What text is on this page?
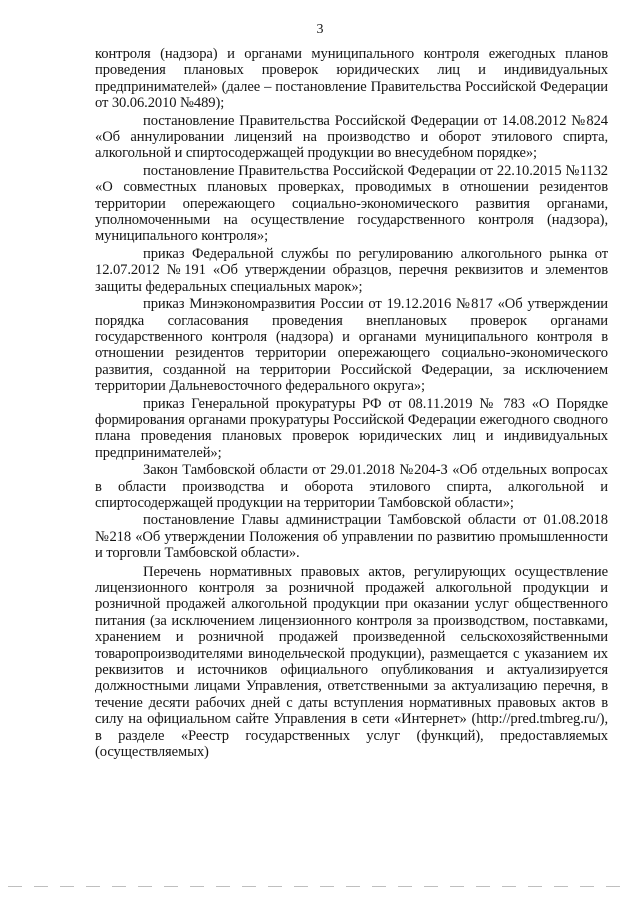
3

контроля (надзора) и органами муниципального контроля ежегодных планов проведения плановых проверок юридических лиц и индивидуальных предпринимателей» (далее – постановление Правительства Российской Федерации от 30.06.2010 №489);

постановление Правительства Российской Федерации от 14.08.2012 №824 «Об аннулировании лицензий на производство и оборот этилового спирта, алкогольной и спиртосодержащей продукции во внесудебном порядке»;

постановление Правительства Российской Федерации от 22.10.2015 №1132 «О совместных плановых проверках, проводимых в отношении резидентов территории опережающего социально-экономического развития органами, уполномоченными на осуществление государственного контроля (надзора), муниципального контроля»;

приказ Федеральной службы по регулированию алкогольного рынка от 12.07.2012 №191 «Об утверждении образцов, перечня реквизитов и элементов защиты федеральных специальных марок»;

приказ Минэкономразвития России от 19.12.2016 №817 «Об утверждении порядка согласования проведения внеплановых проверок органами государственного контроля (надзора) и органами муниципального контроля в отношении резидентов территории опережающего социально-экономического развития, созданной на территории Российской Федерации, за исключением территории Дальневосточного федерального округа»;

приказ Генеральной прокуратуры РФ от 08.11.2019 № 783 «О Порядке формирования органами прокуратуры Российской Федерации ежегодного сводного плана проведения плановых проверок юридических лиц и индивидуальных предпринимателей»;

Закон Тамбовской области от 29.01.2018 №204-З «Об отдельных вопросах в области производства и оборота этилового спирта, алкогольной и спиртосодержащей продукции на территории Тамбовской области»;

постановление Главы администрации Тамбовской области от 01.08.2018 №218 «Об утверждении Положения об управлении по развитию промышленности и торговли Тамбовской области».

Перечень нормативных правовых актов, регулирующих осуществление лицензионного контроля за розничной продажей алкогольной продукции и розничной продажей алкогольной продукции при оказании услуг общественного питания (за исключением лицензионного контроля за производством, поставками, хранением и розничной продажей произведенной сельскохозяйственными товаропроизводителями винодельческой продукции), размещается с указанием их реквизитов и источников официального опубликования и актуализируется должностными лицами Управления, ответственными за актуализацию перечня, в течение десяти рабочих дней с даты вступления нормативных правовых актов в силу на официальном сайте Управления в сети «Интернет» (http://pred.tmbreg.ru/), в разделе «Реестр государственных услуг (функций), предоставляемых (осуществляемых)
